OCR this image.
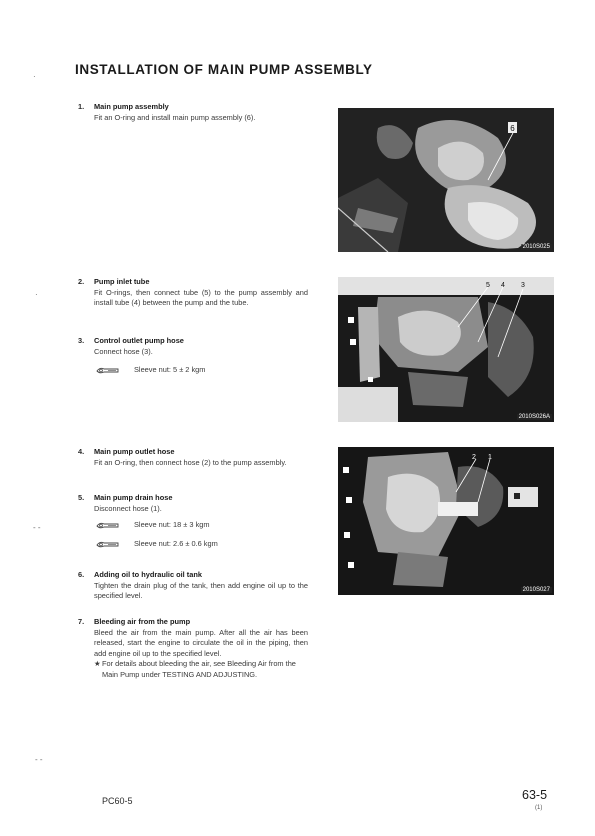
INSTALLATION OF MAIN PUMP ASSEMBLY
1. Main pump assembly
Fit an O-ring and install main pump assembly (6).
2. Pump inlet tube
Fit O-rings, then connect tube (5) to the pump assembly and install tube (4) between the pump and the tube.
3. Control outlet pump hose
Connect hose (3).
Sleeve nut: 5 ± 2 kgm
4. Main pump outlet hose
Fit an O-ring, then connect hose (2) to the pump assembly.
5. Main pump drain hose
Disconnect hose (1).
Sleeve nut: 18 ± 3 kgm
Sleeve nut: 2.6 ± 0.6 kgm
6. Adding oil to hydraulic oil tank
Tighten the drain plug of the tank, then add engine oil up to the specified level.
7. Bleeding air from the pump
Bleed the air from the main pump. After all the air has been released, start the engine to circulate the oil in the piping, then add engine oil up to the specified level.
★ For details about bleeding the air, see Bleeding Air from the Main Pump under TESTING AND ADJUSTING.
6
2010S025
5 4 3
2010S026A
2 1
2010S027
·
·
- -
- -
PC60-5	63-5
(1)
